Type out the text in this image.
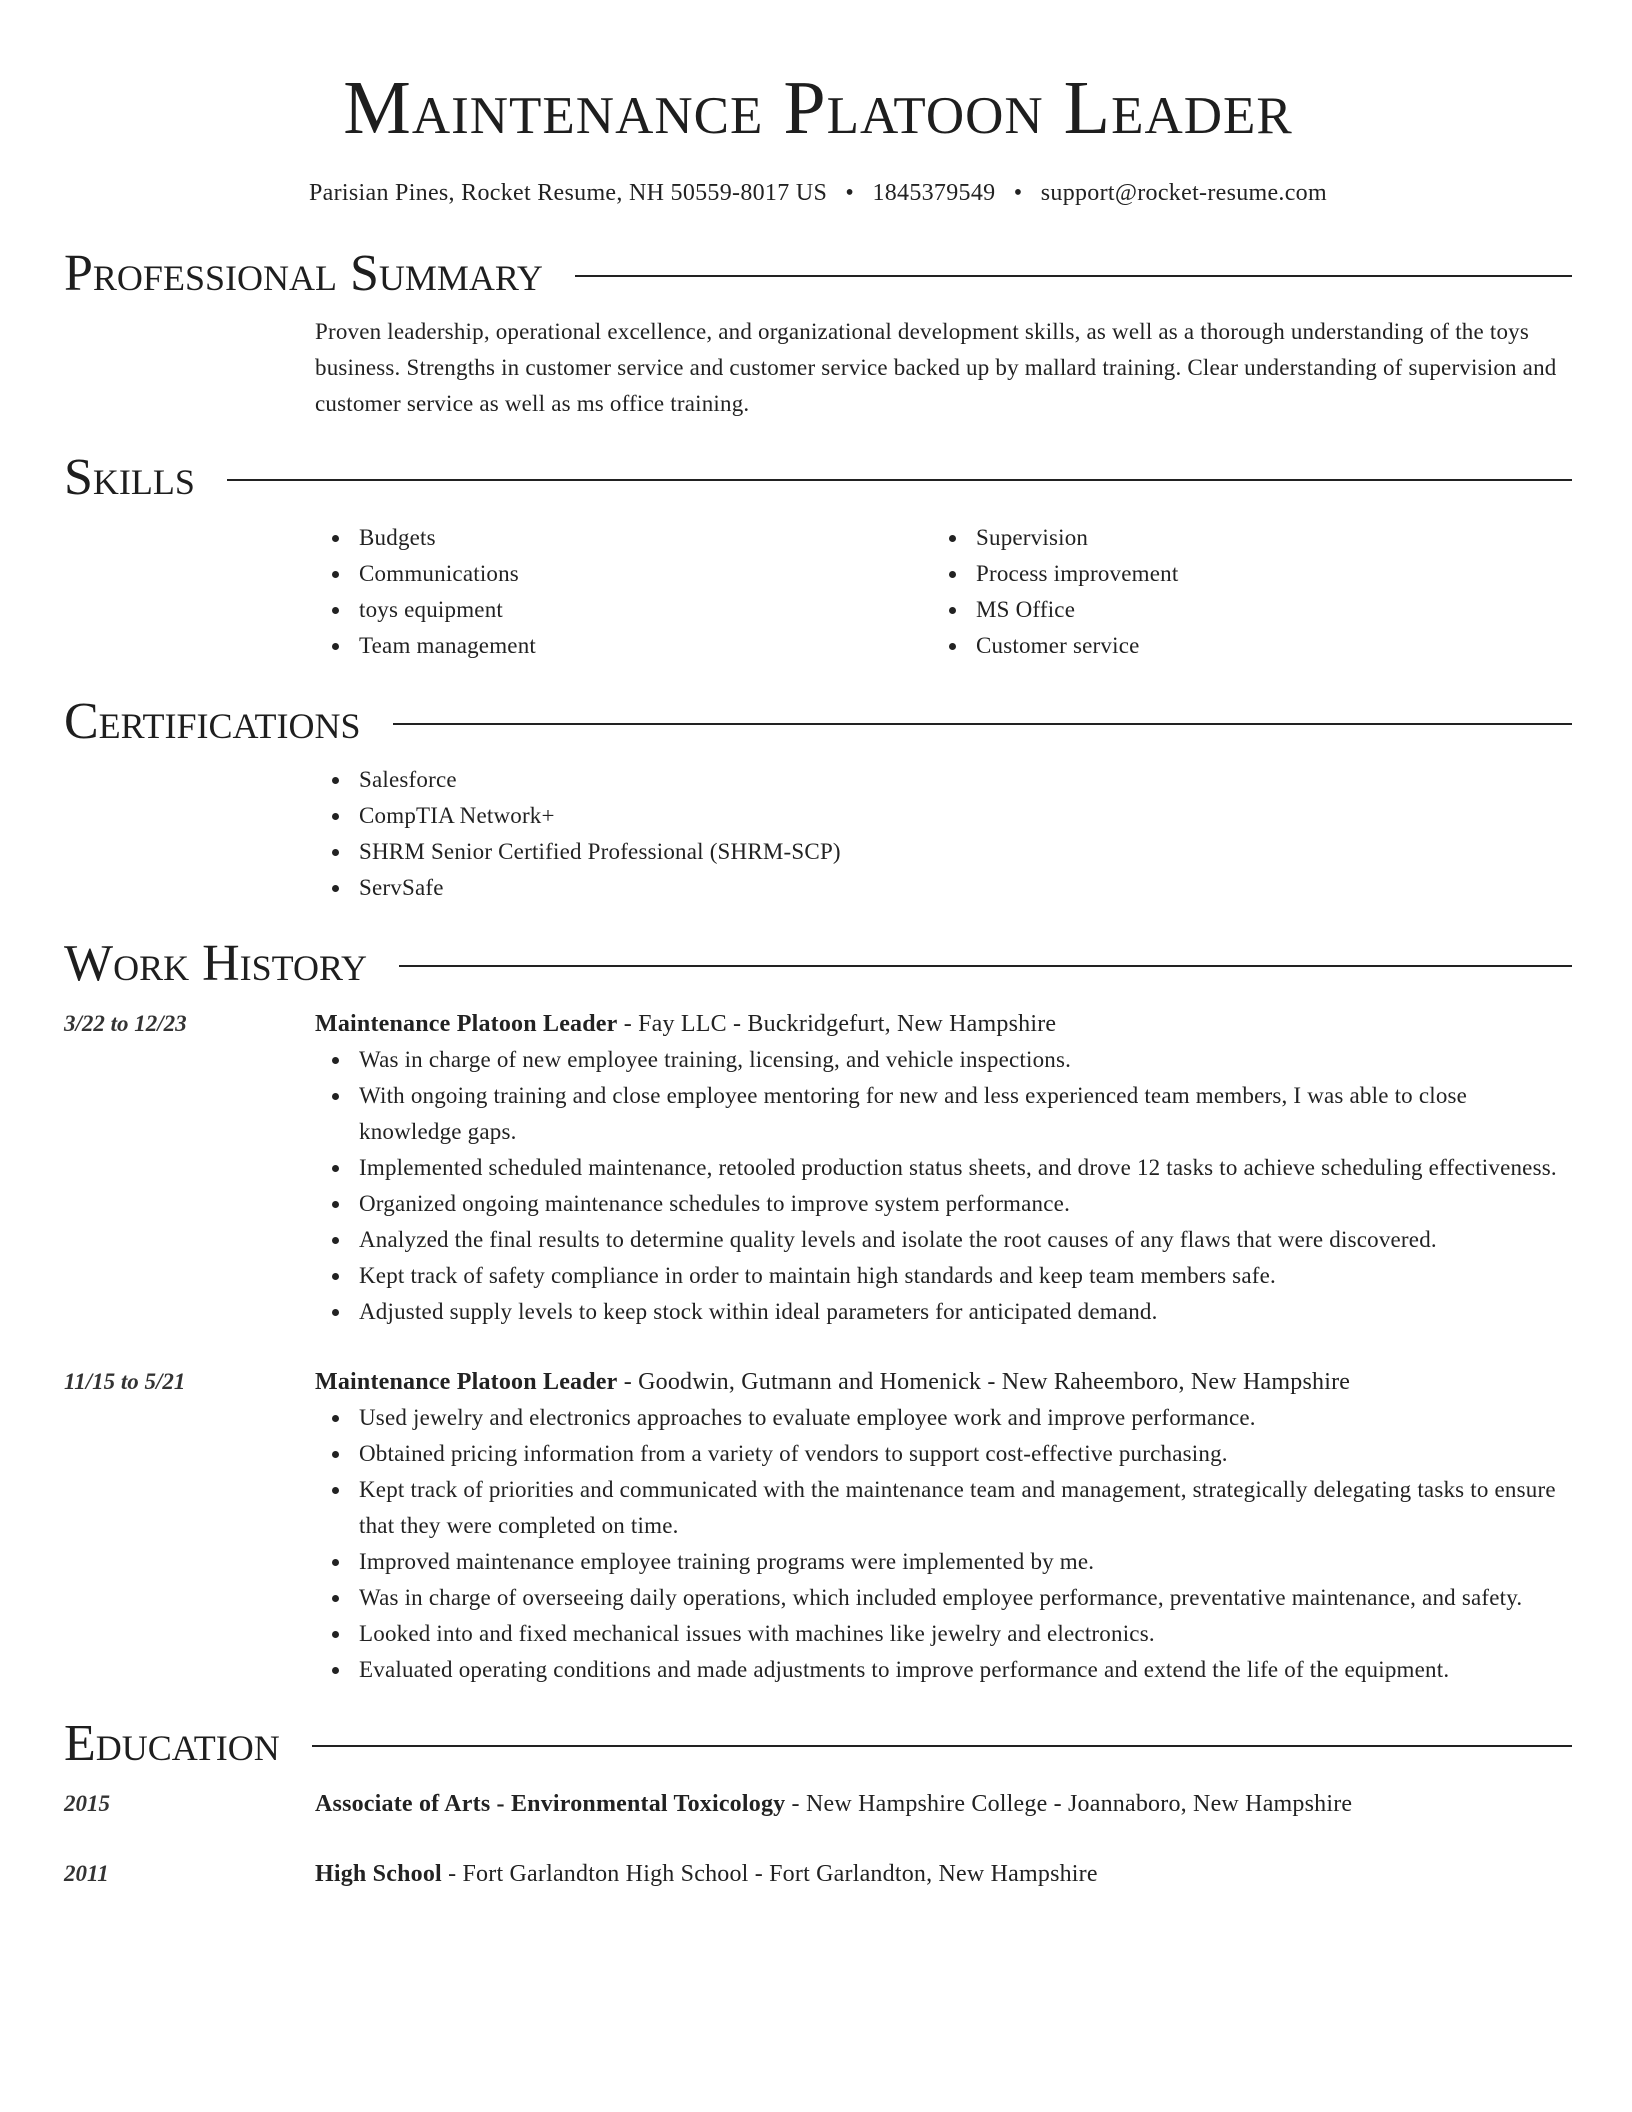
Maintenance Platoon Leader
Parisian Pines, Rocket Resume, NH 50559-8017 US • 1845379549 • support@rocket-resume.com
Professional Summary
Proven leadership, operational excellence, and organizational development skills, as well as a thorough understanding of the toys business. Strengths in customer service and customer service backed up by mallard training. Clear understanding of supervision and customer service as well as ms office training.
Skills
Budgets
Communications
toys equipment
Team management
Supervision
Process improvement
MS Office
Customer service
Certifications
Salesforce
CompTIA Network+
SHRM Senior Certified Professional (SHRM-SCP)
ServSafe
Work History
3/22 to 12/23	Maintenance Platoon Leader - Fay LLC - Buckridgefurt, New Hampshire
Was in charge of new employee training, licensing, and vehicle inspections.
With ongoing training and close employee mentoring for new and less experienced team members, I was able to close knowledge gaps.
Implemented scheduled maintenance, retooled production status sheets, and drove 12 tasks to achieve scheduling effectiveness.
Organized ongoing maintenance schedules to improve system performance.
Analyzed the final results to determine quality levels and isolate the root causes of any flaws that were discovered.
Kept track of safety compliance in order to maintain high standards and keep team members safe.
Adjusted supply levels to keep stock within ideal parameters for anticipated demand.
11/15 to 5/21	Maintenance Platoon Leader - Goodwin, Gutmann and Homenick - New Raheemboro, New Hampshire
Used jewelry and electronics approaches to evaluate employee work and improve performance.
Obtained pricing information from a variety of vendors to support cost-effective purchasing.
Kept track of priorities and communicated with the maintenance team and management, strategically delegating tasks to ensure that they were completed on time.
Improved maintenance employee training programs were implemented by me.
Was in charge of overseeing daily operations, which included employee performance, preventative maintenance, and safety.
Looked into and fixed mechanical issues with machines like jewelry and electronics.
Evaluated operating conditions and made adjustments to improve performance and extend the life of the equipment.
Education
2015	Associate of Arts - Environmental Toxicology - New Hampshire College - Joannaboro, New Hampshire
2011	High School - Fort Garlandton High School - Fort Garlandton, New Hampshire
